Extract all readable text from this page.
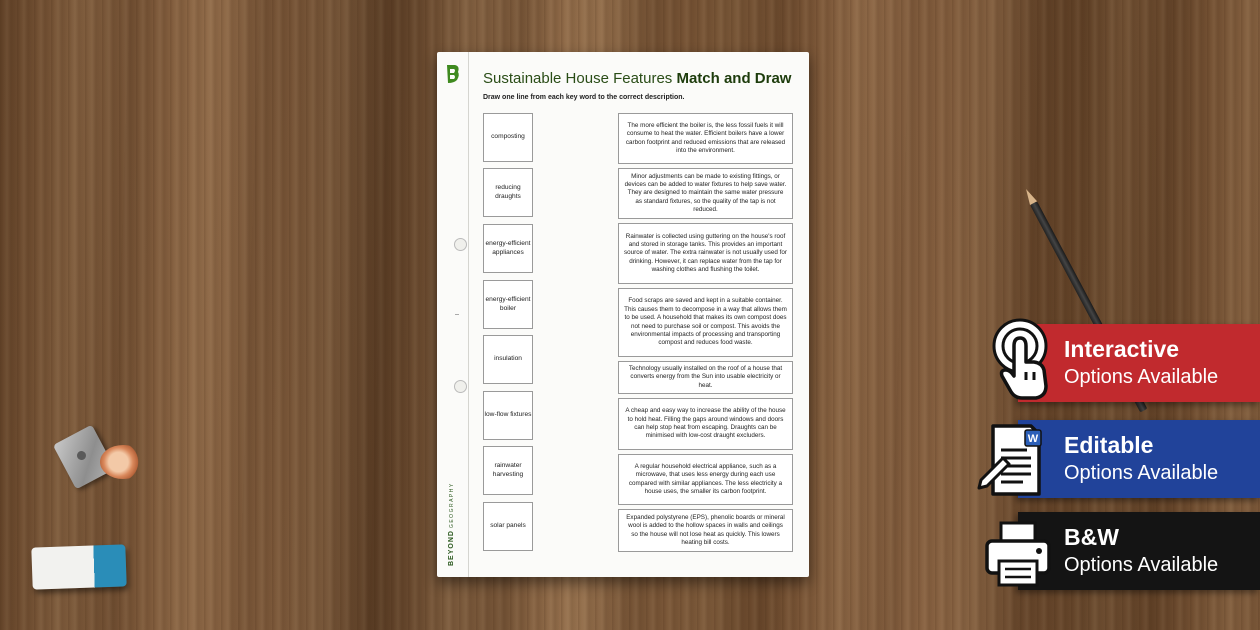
BEYONDGEOGRAPHY
Sustainable House Features Match and Draw
Draw one line from each key word to the correct description.
composting
reducing draughts
energy-efficient appliances
energy-efficient boiler
insulation
low-flow fixtures
rainwater harvesting
solar panels
The more efficient the boiler is, the less fossil fuels it will consume to heat the water. Efficient boilers have a lower carbon footprint and reduced emissions that are released into the environment.
Minor adjustments can be made to existing fittings, or devices can be added to water fixtures to help save water. They are designed to maintain the same water pressure as standard fixtures, so the quality of the tap is not reduced.
Rainwater is collected using guttering on the house's roof and stored in storage tanks. This provides an important source of water. The extra rainwater is not usually used for drinking. However, it can replace water from the tap for washing clothes and flushing the toilet.
Food scraps are saved and kept in a suitable container. This causes them to decompose in a way that allows them to be used. A household that makes its own compost does not need to purchase soil or compost. This avoids the environmental impacts of processing and transporting compost and reduces food waste.
Technology usually installed on the roof of a house that converts energy from the Sun into usable electricity or heat.
A cheap and easy way to increase the ability of the house to hold heat. Filling the gaps around windows and doors can help stop heat from escaping. Draughts can be minimised with low-cost draught excluders.
A regular household electrical appliance, such as a microwave, that uses less energy during each use compared with similar appliances. The less electricity a house uses, the smaller its carbon footprint.
Expanded polystyrene (EPS), phenolic boards or mineral wool is added to the hollow spaces in walls and ceilings so the house will not lose heat as quickly. This lowers heating bill costs.
Interactive
Options Available
Editable
Options Available
W
B&W
Options Available
